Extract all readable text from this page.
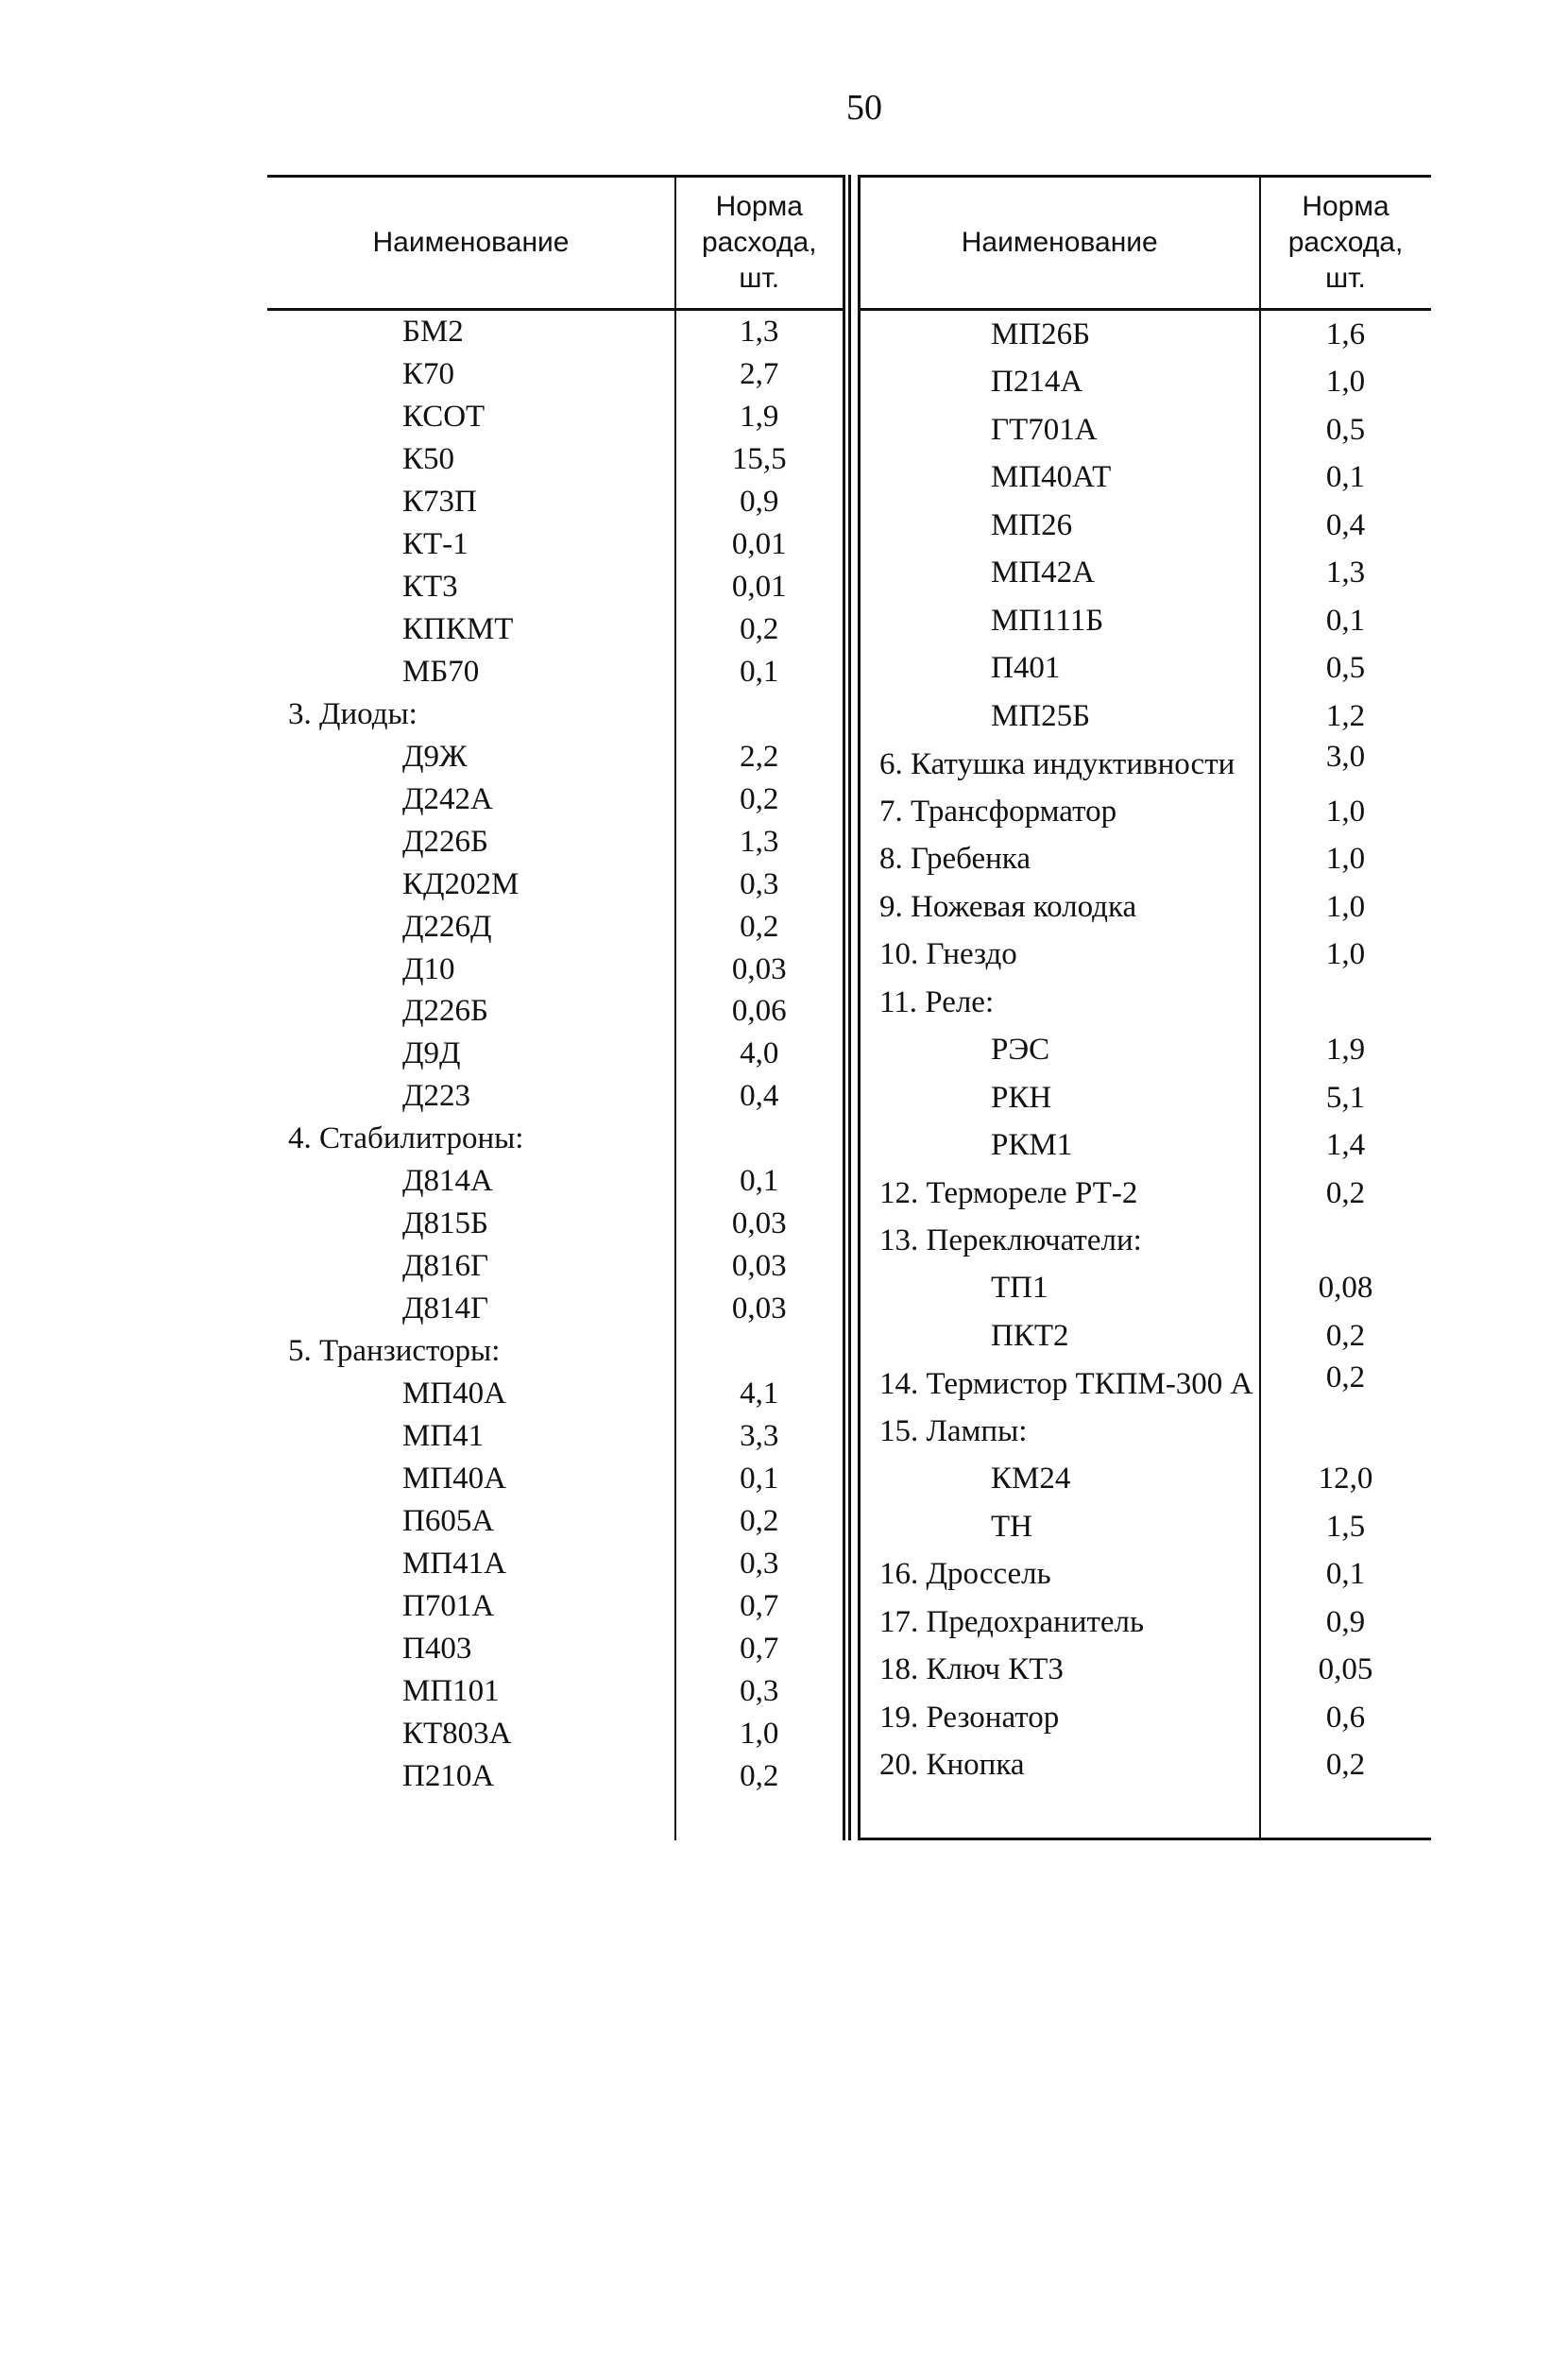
50
Наименование	Норма
расхода,
шт.

БМ2	1,3
К70	2,7
КСОТ	1,9
К50	15,5
К73П	0,9
КТ-1	0,01
КТ3	0,01
КПКМТ	0,2
МБ70	0,1
3. Диоды:	
Д9Ж	2,2
Д242А	0,2
Д226Б	1,3
КД202М	0,3
Д226Д	0,2
Д10	0,03
Д226Б	0,06
Д9Д	4,0
Д223	0,4
4. Стабилитроны:	
Д814А	0,1
Д815Б	0,03
Д816Г	0,03
Д814Г	0,03
5. Транзисторы:	
МП40А	4,1
МП41	3,3
МП40А	0,1
П605А	0,2
МП41А	0,3
П701А	0,7
П403	0,7
МП101	0,3
КТ803А	1,0
П210А	0,2

Наименование	Норма
расхода,
шт.

МП26Б	1,6
П214А	1,0
ГТ701А	0,5
МП40АТ	0,1
МП26	0,4
МП42А	1,3
МП111Б	0,1
П401	0,5
МП25Б	1,2
6. Катушка индуктивности	3,0
7. Трансформатор	1,0
8. Гребенка	1,0
9. Ножевая колодка	1,0
10. Гнездо	1,0
11. Реле:	
РЭС	1,9
РКН	5,1
РКМ1	1,4
12. Термореле РТ-2	0,2
13. Переключатели:	
ТП1	0,08
ПКТ2	0,2
14. Термистор ТКПМ-300 А	0,2
15. Лампы:	
КМ24	12,0
ТН	1,5
16. Дроссель	0,1
17. Предохранитель	0,9
18. Ключ КТ3	0,05
19. Резонатор	0,6
20. Кнопка	0,2
